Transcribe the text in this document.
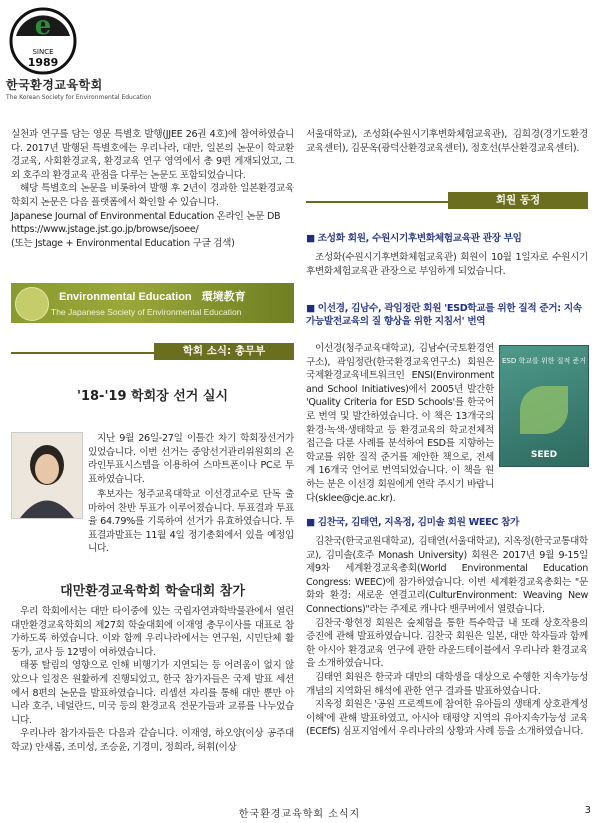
e
SINCE
1989
한국환경교육학회
The Korean Society for Environmental Education

실천과 연구를 담는 영문 특별호 발행(JJEE 26권 4호)에 참여하였습니다. 2017년 발행된 특별호에는 우리나라, 대만, 일본의 논문이 학교환경교육, 사회환경교육, 환경교육 연구 영역에서 총 9편 게재되었고, 그 외 호주의 환경교육 관점을 다루는 논문도 포함되었습니다.

해당 특별호의 논문을 비롯하여 발행 후 2년이 경과한 일본환경교육학회지 논문은 다음 플랫폼에서 확인할 수 있습니다.

Japanese Journal of Environmental Education 온라인 논문 DB

https://www.jstage.jst.go.jp/browse/jsoee/

(또는 Jstage + Environmental Education 구글 검색)

Environmental Education 環境教育
The Japanese Society of Environmental Education
학회 소식: 총무부

'18-'19 학회장 선거 실시

지난 9월 26일-27일 이틀간 차기 학회장선거가 있었습니다. 이번 선거는 중앙선거관리위원회의 온라인투표시스템을 이용하여 스마트폰이나 PC로 투표하였습니다.

후보자는 청주교육대학교 이선경교수로 단독 출마하여 찬반 투표가 이루어졌습니다. 투표결과 투표율 64.79%를 기록하여 선거가 유효하였습니다. 투표결과발표는 11월 4일 정기총회에서 있을 예정입니다.

대만환경교육학회 학술대회 참가

우리 학회에서는 대만 타이중에 있는 국립자연과학박물관에서 열린 대만환경교육학회의 제27회 학술대회에 이재영 총무이사를 대표로 참가하도록 하였습니다. 이와 함께 우리나라에서는 연구원, 시민단체 활동가, 교사 등 12명이 여하였습니다.

태풍 탈림의 영향으로 인해 비행기가 지연되는 등 어려움이 없지 않았으나 일정은 원활하게 진행되었고, 한국 참가자들은 국제 발표 세션에서 8편의 논문을 발표하였습니다. 리셉션 자리를 통해 대만 뿐만 아니라 호주, 네덜란드, 미국 등의 환경교육 전문가들과 교류를 나누었습니다.

우리나라 참가자들은 다음과 같습니다. 이재영, 하오양(이상 공주대학교) 안새롬, 조미성, 조승윤, 기경미, 정희라, 허휘(이상

서울대학교), 조성화(수원시기후변화체험교육관), 김희경(경기도환경교육센터), 김문옥(광덕산환경교육센터), 정호선(부산환경교육센터).

회원 동정

■ 조성화 회원, 수원시기후변화체험교육관 관장 부임

조성화(수원시기후변화체험교육관) 회원이 10월 1일자로 수원시기후변화체험교육관 관장으로 부임하게 되었습니다.

■ 이선경, 김남수, 곽임정란 회원 'ESD학교를 위한 질적 준거: 지속가능발전교육의 질 향상을 위한 지침서' 번역

이선경(청주교육대학교), 김남수(국토환경연구소), 곽임정란(한국환경교육연구소) 회원은 국제환경교육네트워크인 ENSI(Environment and School Initiatives)에서 2005년 발간한 'Quality Criteria for ESD Schools'를 한국어로 번역 및 발간하였습니다. 이 책은 13개국의 환경·녹색·생태학교 등 환경교육의 학교전체적 접근을 다룬 사례를 분석하여 ESD를 지향하는 학교를 위한 질적 준거를 제안한 책으로, 전세계 16개국 언어로 번역되었습니다. 이 책을 원하는 분은 이선경 회원에게 연락 주시기 바랍니다(sklee@cje.ac.kr).

ESD 학교를 위한 질적 준거
SEED

■ 김찬국, 김태연, 지옥정, 김미솔 회원 WEEC 참가

김찬국(한국교원대학교), 김태연(서울대학교), 지옥정(한국교통대학교), 김미솔(호주 Monash University) 회원은 2017년 9월 9-15일 제9차 세계환경교육총회(World Environmental Education Congress: WEEC)에 참가하였습니다. 이번 세계환경교육총회는 "문화와 환경: 새로운 연결고리(CulturEnvironment: Weaving New Connections)"라는 주제로 캐나다 밴쿠버에서 열렸습니다.

김찬국·황현정 회원은 숲체험을 통한 특수학급 내 또래 상호작용의 증진에 관해 발표하였습니다. 김찬국 회원은 일본, 대만 학자들과 함께한 아시아 환경교육 연구에 관한 라운드테이블에서 우리나라 환경교육을 소개하였습니다.

김태연 회원은 한국과 대만의 대학생을 대상으로 수행한 지속가능성 개념의 지역화된 해석에 관한 연구 결과를 발표하였습니다.

지옥정 회원은 '공원 프로젝트에 참여한 유아들의 생태계 상호관계성 이해'에 관해 발표하였고, 아시아 태평양 지역의 유아지속가능성 교육(ECEfS) 심포지엄에서 우리나라의 상황과 사례 등을 소개하였습니다.

한국환경교육학회 소식지	3
